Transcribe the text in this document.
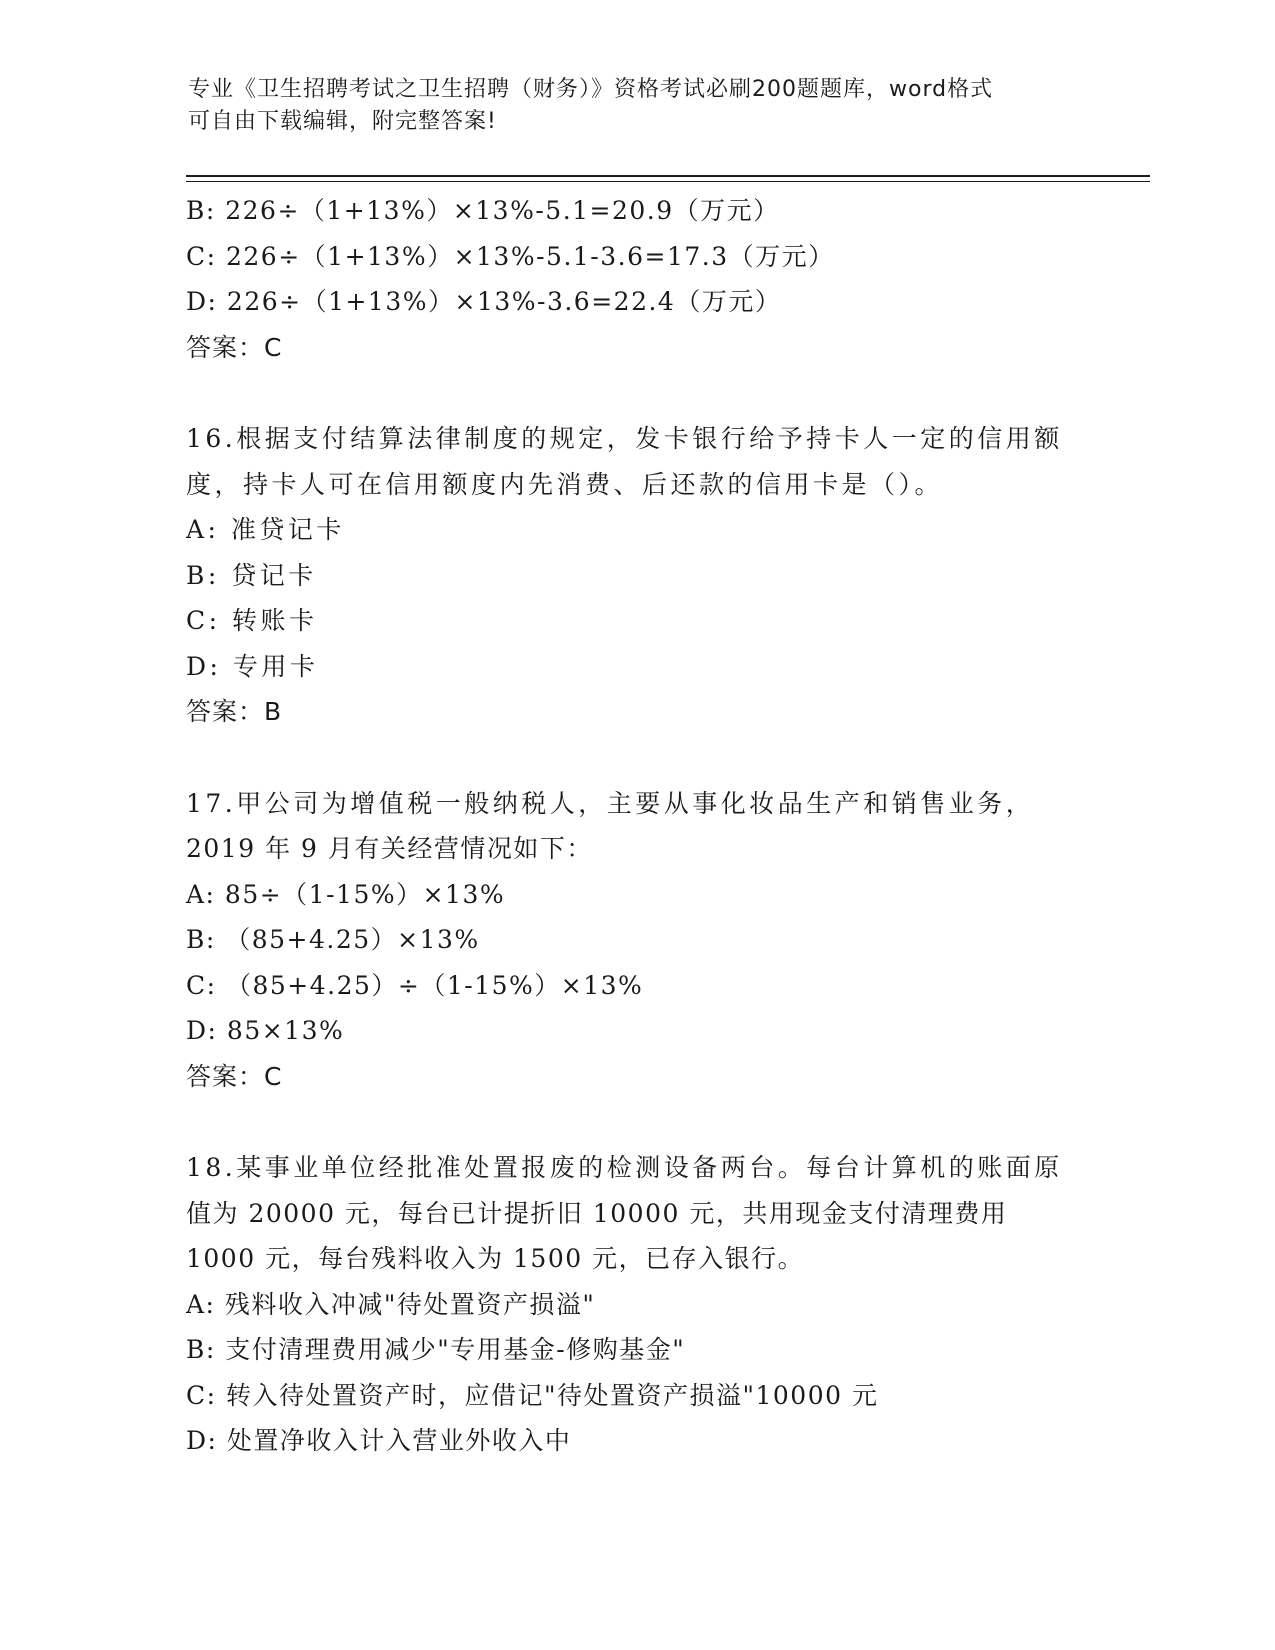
专业《卫生招聘考试之卫生招聘（财务）》资格考试必刷200题题库，word格式
可自由下载编辑，附完整答案!
B: 226÷（1+13%）×13%-5.1=20.9（万元）
C: 226÷（1+13%）×13%-5.1-3.6=17.3（万元）
D: 226÷（1+13%）×13%-3.6=22.4（万元）
答案：C
16.根据支付结算法律制度的规定，发卡银行给予持卡人一定的信用额
度，持卡人可在信用额度内先消费、后还款的信用卡是（）。
A: 准贷记卡
B: 贷记卡
C: 转账卡
D: 专用卡
答案：B
17.甲公司为增值税一般纳税人，主要从事化妆品生产和销售业务，
2019 年 9 月有关经营情况如下：
A: 85÷（1-15%）×13%
B: （85+4.25）×13%
C: （85+4.25）÷（1-15%）×13%
D: 85×13%
答案：C
18.某事业单位经批准处置报废的检测设备两台。每台计算机的账面原
值为 20000 元，每台已计提折旧 10000 元，共用现金支付清理费用
1000 元，每台残料收入为 1500 元，已存入银行。
A: 残料收入冲减"待处置资产损溢"
B: 支付清理费用减少"专用基金-修购基金"
C: 转入待处置资产时，应借记"待处置资产损溢"10000 元
D: 处置净收入计入营业外收入中
